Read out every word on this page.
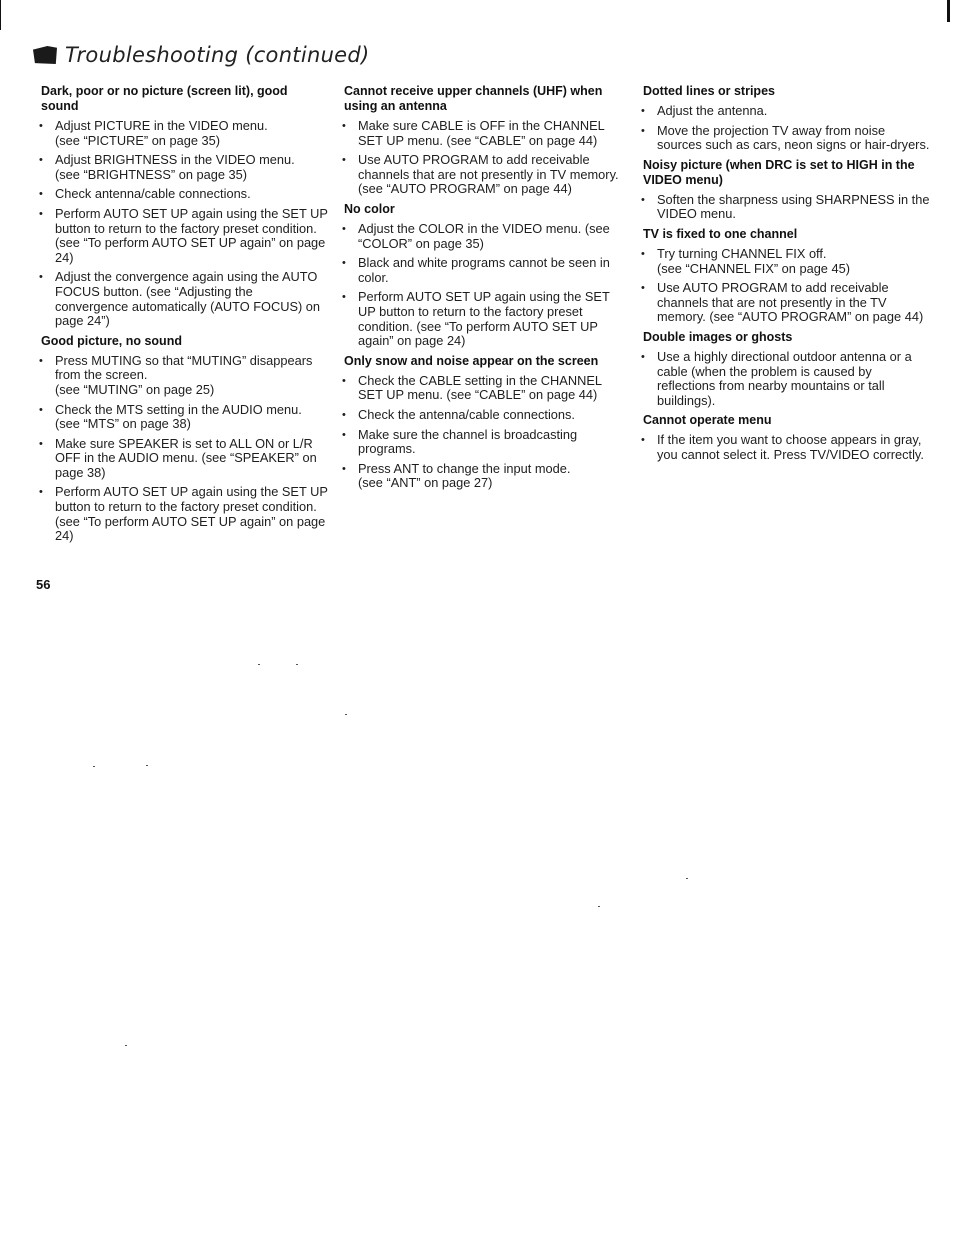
Troubleshooting (continued)
Dark, poor or no picture (screen lit), good sound
• Adjust PICTURE in the VIDEO menu.
(see “PICTURE” on page 35)
• Adjust BRIGHTNESS in the VIDEO menu.
(see “BRIGHTNESS” on page 35)
• Check antenna/cable connections.
• Perform AUTO SET UP again using the SET UP button to return to the factory preset condition. (see “To perform AUTO SET UP again” on page 24)
• Adjust the convergence again using the AUTO FOCUS button. (see “Adjusting the convergence automatically (AUTO FOCUS) on page 24”)
Good picture, no sound
• Press MUTING so that “MUTING” disappears from the screen.
(see “MUTING” on page 25)
• Check the MTS setting in the AUDIO menu.
(see “MTS” on page 38)
• Make sure SPEAKER is set to ALL ON or L/R OFF in the AUDIO menu. (see “SPEAKER” on page 38)
• Perform AUTO SET UP again using the SET UP button to return to the factory preset condition. (see “To perform AUTO SET UP again” on page 24)
Cannot receive upper channels (UHF) when using an antenna
• Make sure CABLE is OFF in the CHANNEL SET UP menu. (see “CABLE” on page 44)
• Use AUTO PROGRAM to add receivable channels that are not presently in TV memory. (see “AUTO PROGRAM” on page 44)
No color
• Adjust the COLOR in the VIDEO menu. (see “COLOR” on page 35)
• Black and white programs cannot be seen in color.
• Perform AUTO SET UP again using the SET UP button to return to the factory preset condition. (see “To perform AUTO SET UP again” on page 24)
Only snow and noise appear on the screen
• Check the CABLE setting in the CHANNEL SET UP menu. (see “CABLE” on page 44)
• Check the antenna/cable connections.
• Make sure the channel is broadcasting programs.
• Press ANT to change the input mode.
(see “ANT” on page 27)
Dotted lines or stripes
• Adjust the antenna.
• Move the projection TV away from noise sources such as cars, neon signs or hair-dryers.
Noisy picture (when DRC is set to HIGH in the VIDEO menu)
• Soften the sharpness using SHARPNESS in the VIDEO menu.
TV is fixed to one channel
• Try turning CHANNEL FIX off.
(see “CHANNEL FIX” on page 45)
• Use AUTO PROGRAM to add receivable channels that are not presently in the TV memory. (see “AUTO PROGRAM” on page 44)
Double images or ghosts
• Use a highly directional outdoor antenna or a cable (when the problem is caused by reflections from nearby mountains or tall buildings).
Cannot operate menu
• If the item you want to choose appears in gray, you cannot select it. Press TV/VIDEO correctly.
56
